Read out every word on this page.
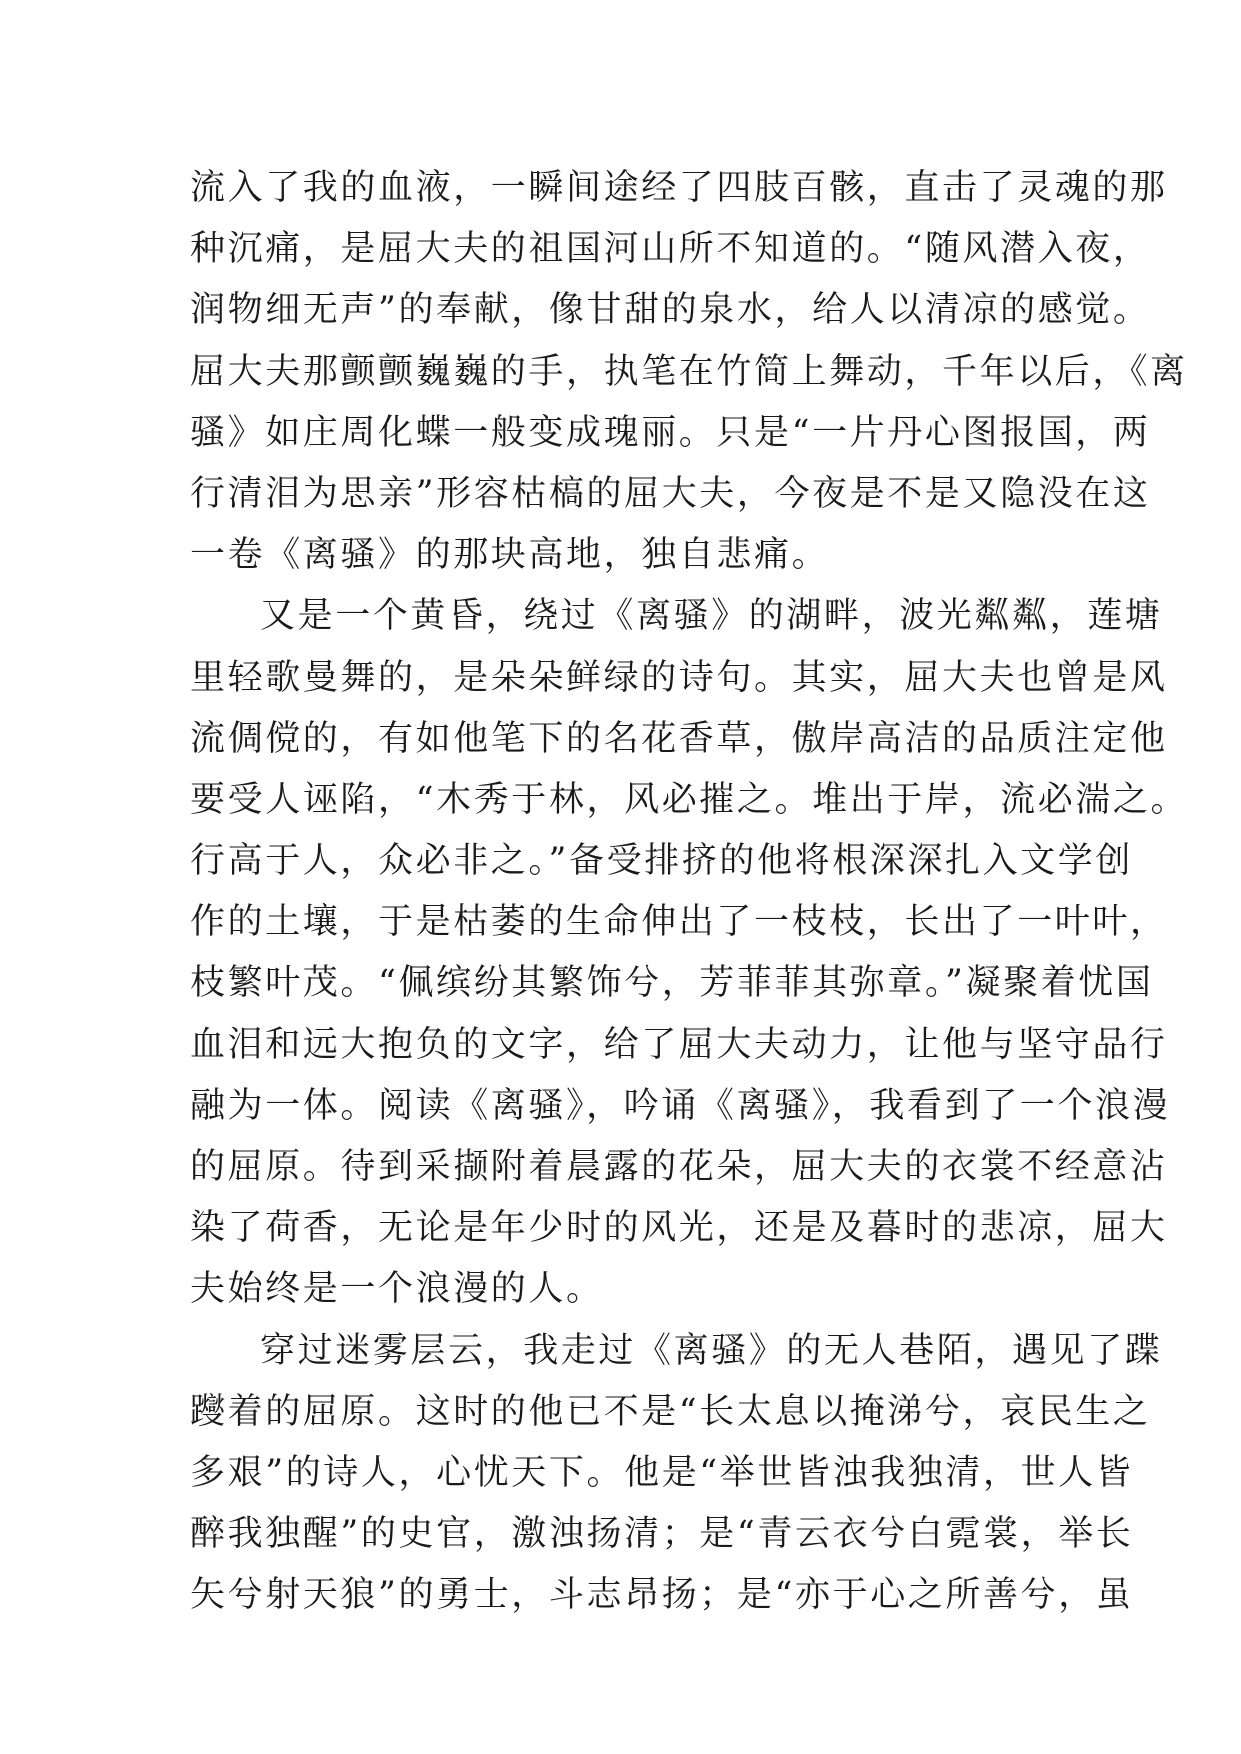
流入了我的血液，一瞬间途经了四肢百骸，直击了灵魂的那
种沉痛，是屈大夫的祖国河山所不知道的。“随风潜入夜，
润物细无声”的奉献，像甘甜的泉水，给人以清凉的感觉。
屈大夫那颤颤巍巍的手，执笔在竹简上舞动，千年以后，《离
骚》如庄周化蝶一般变成瑰丽。只是“一片丹心图报国，两
行清泪为思亲”形容枯槁的屈大夫，今夜是不是又隐没在这
一卷《离骚》的那块高地，独自悲痛。
又是一个黄昏，绕过《离骚》的湖畔，波光粼粼，莲塘
里轻歌曼舞的，是朵朵鲜绿的诗句。其实，屈大夫也曾是风
流倜傥的，有如他笔下的名花香草，傲岸高洁的品质注定他
要受人诬陷，“木秀于林，风必摧之。堆出于岸，流必湍之。
行高于人，众必非之。”备受排挤的他将根深深扎入文学创
作的土壤，于是枯萎的生命伸出了一枝枝，长出了一叶叶，
枝繁叶茂。“佩缤纷其繁饰兮，芳菲菲其弥章。”凝聚着忧国
血泪和远大抱负的文字，给了屈大夫动力，让他与坚守品行
融为一体。阅读《离骚》，吟诵《离骚》，我看到了一个浪漫
的屈原。待到采撷附着晨露的花朵，屈大夫的衣裳不经意沾
染了荷香，无论是年少时的风光，还是及暮时的悲凉，屈大
夫始终是一个浪漫的人。
穿过迷雾层云，我走过《离骚》的无人巷陌，遇见了蹀
躞着的屈原。这时的他已不是“长太息以掩涕兮，哀民生之
多艰”的诗人，心忧天下。他是“举世皆浊我独清，世人皆
醉我独醒”的史官，激浊扬清；是“青云衣兮白霓裳，举长
矢兮射天狼”的勇士，斗志昂扬；是“亦于心之所善兮，虽
